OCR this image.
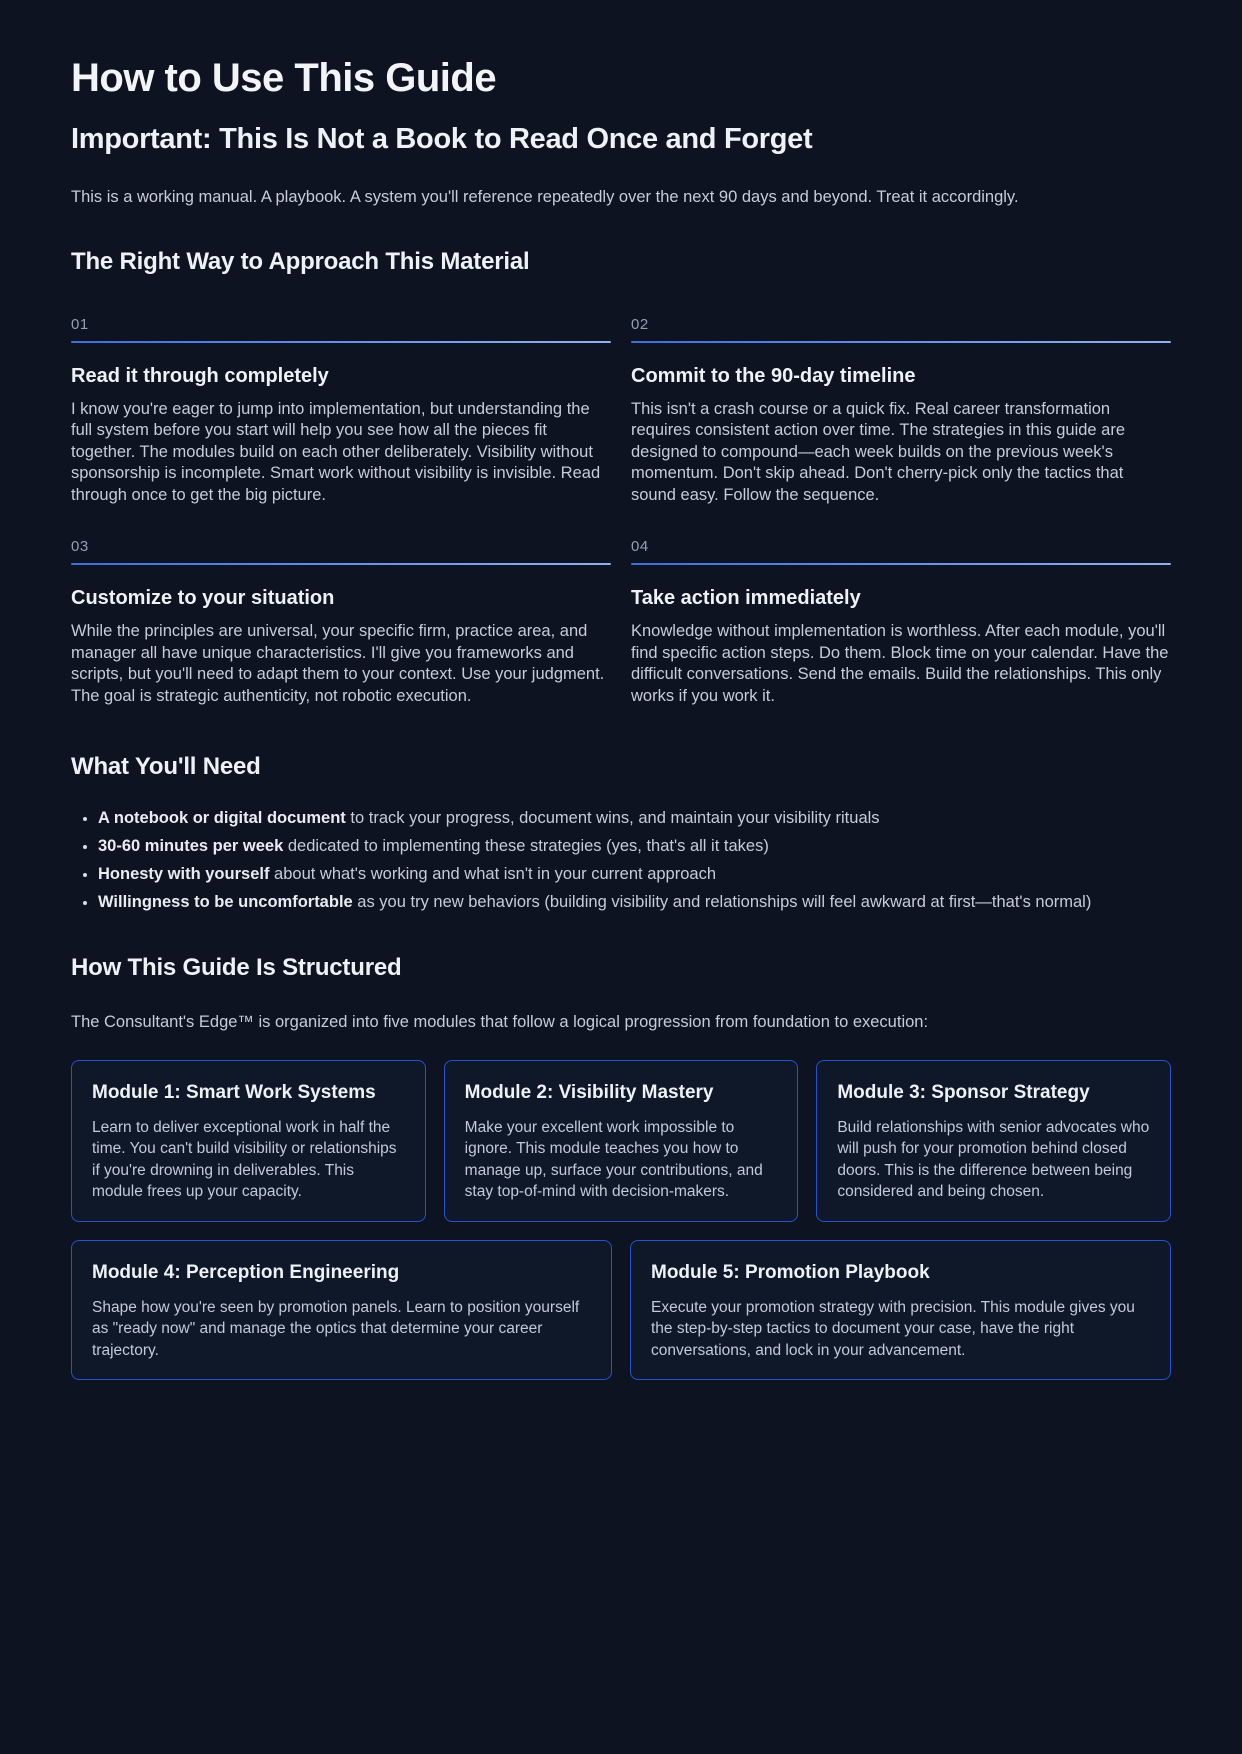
How to Use This Guide
Important: This Is Not a Book to Read Once and Forget

This is a working manual. A playbook. A system you'll reference repeatedly over the next 90 days and beyond. Treat it accordingly.

The Right Way to Approach This Material
01
Read it through completely

I know you're eager to jump into implementation, but understanding the full system before you start will help you see how all the pieces fit together. The modules build on each other deliberately. Visibility without sponsorship is incomplete. Smart work without visibility is invisible. Read through once to get the big picture.

02
Commit to the 90-day timeline

This isn't a crash course or a quick fix. Real career transformation requires consistent action over time. The strategies in this guide are designed to compound—each week builds on the previous week's momentum. Don't skip ahead. Don't cherry-pick only the tactics that sound easy. Follow the sequence.

03
Customize to your situation

While the principles are universal, your specific firm, practice area, and manager all have unique characteristics. I'll give you frameworks and scripts, but you'll need to adapt them to your context. Use your judgment. The goal is strategic authenticity, not robotic execution.

04
Take action immediately

Knowledge without implementation is worthless. After each module, you'll find specific action steps. Do them. Block time on your calendar. Have the difficult conversations. Send the emails. Build the relationships. This only works if you work it.

What You'll Need
• A notebook or digital document to track your progress, document wins, and maintain your visibility rituals
• 30-60 minutes per week dedicated to implementing these strategies (yes, that's all it takes)
• Honesty with yourself about what's working and what isn't in your current approach
• Willingness to be uncomfortable as you try new behaviors (building visibility and relationships will feel awkward at first—that's normal)
How This Guide Is Structured

The Consultant's Edge™ is organized into five modules that follow a logical progression from foundation to execution:

Module 1: Smart Work Systems

Learn to deliver exceptional work in half the time. You can't build visibility or relationships if you're drowning in deliverables. This module frees up your capacity.

Module 2: Visibility Mastery

Make your excellent work impossible to ignore. This module teaches you how to manage up, surface your contributions, and stay top-of-mind with decision-makers.

Module 3: Sponsor Strategy

Build relationships with senior advocates who will push for your promotion behind closed doors. This is the difference between being considered and being chosen.

Module 4: Perception Engineering

Shape how you're seen by promotion panels. Learn to position yourself as "ready now" and manage the optics that determine your career trajectory.

Module 5: Promotion Playbook

Execute your promotion strategy with precision. This module gives you the step-by-step tactics to document your case, have the right conversations, and lock in your advancement.
